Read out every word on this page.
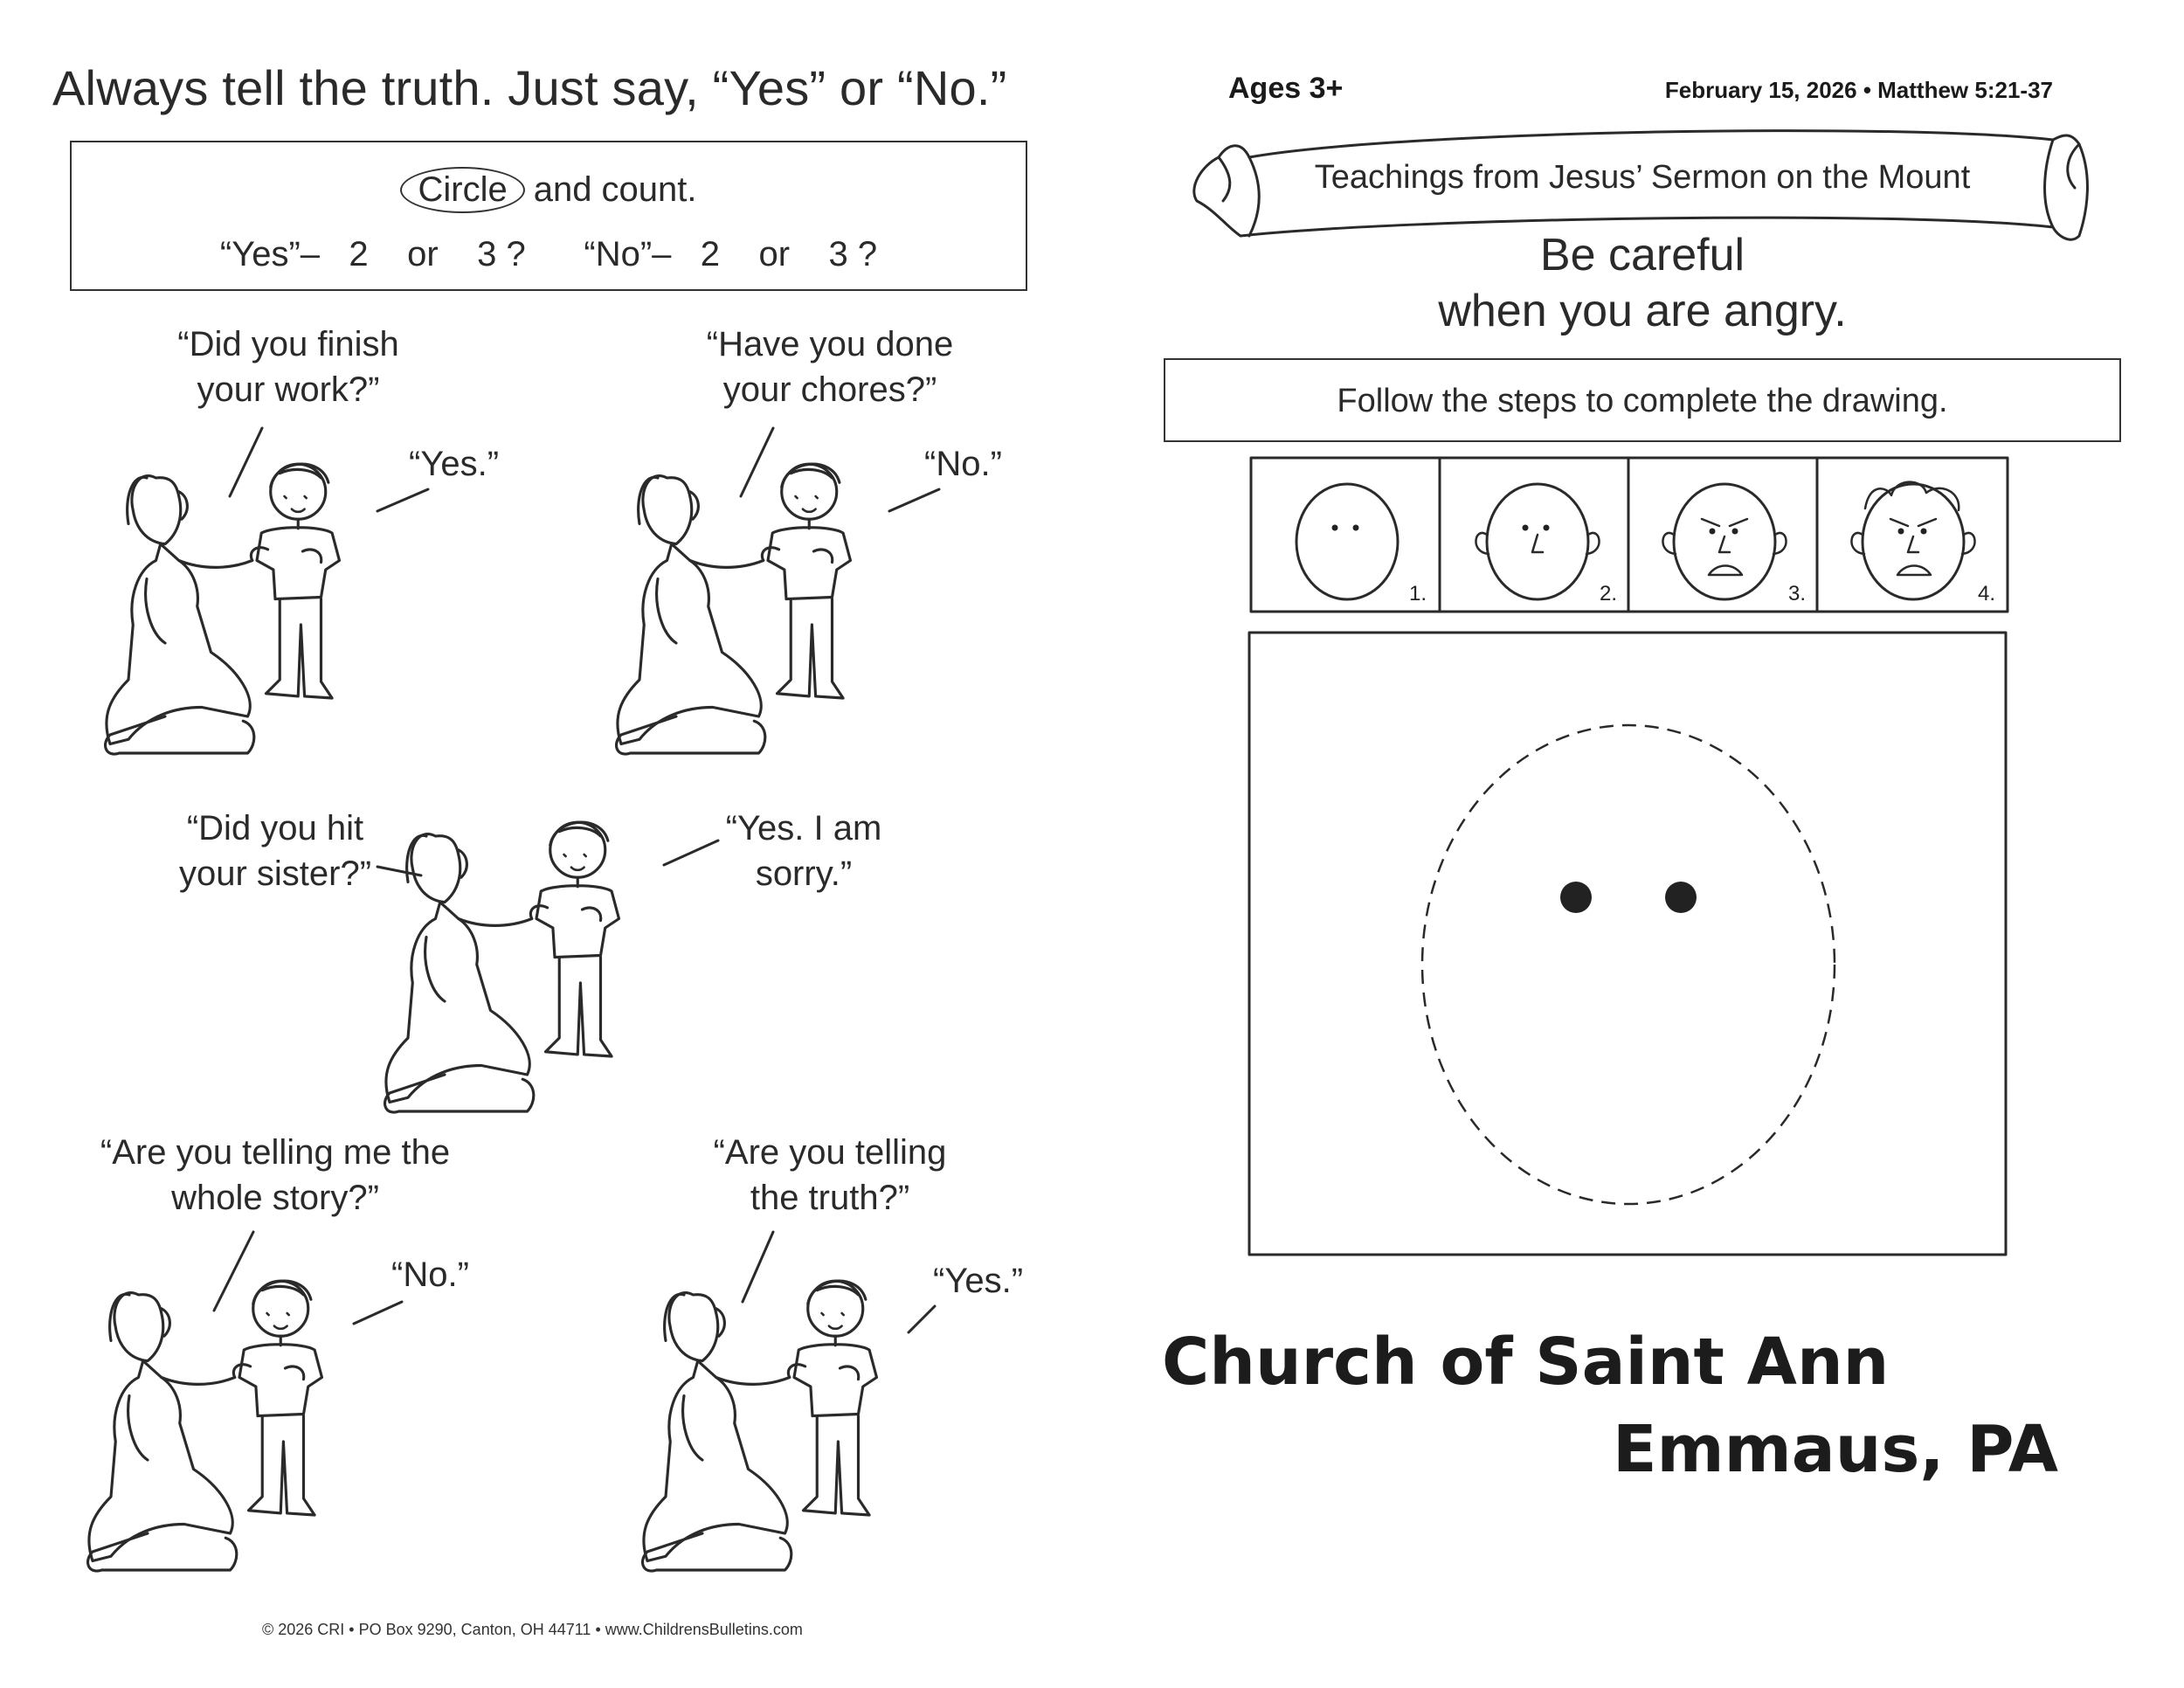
Always tell the truth. Just say, “Yes” or “No.”
Circle and count.
“Yes”–   2    or    3 ?      “No”–   2    or    3 ?
“Did you finish
your work?”
“Yes.”
“Have you done
your chores?”
“No.”
“Did you hit
your sister?”
“Yes. I am
sorry.”
“Are you telling me the
whole story?”
“No.”
“Are you telling
the truth?”
“Yes.”
© 2026 CRI • PO Box 9290, Canton, OH 44711 • www.ChildrensBulletins.com
Ages 3+	February 15, 2026 • Matthew 5:21-37
Teachings from Jesus’ Sermon on the Mount
Be careful
when you are angry.
Follow the steps to complete the drawing.
1.	2.	3.	4.
Church of Saint Ann
Emmaus, PA
